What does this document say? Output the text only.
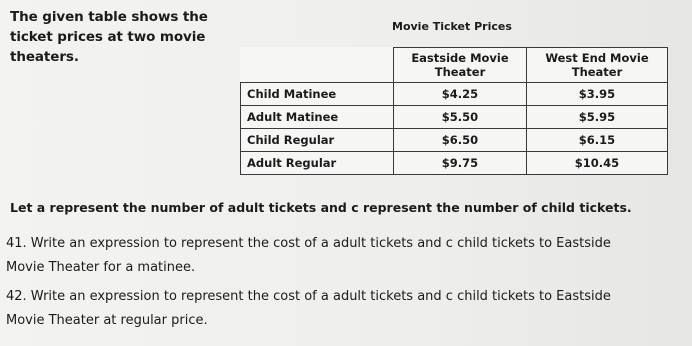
The given table shows the ticket prices at two movie theaters.
Movie Ticket Prices
	Eastside Movie Theater	West End Movie Theater
Child Matinee	$4.25	$3.95
Adult Matinee	$5.50	$5.95
Child Regular	$6.50	$6.15
Adult Regular	$9.75	$10.45
Let a represent the number of adult tickets and c represent the number of child tickets.
41. Write an expression to represent the cost of a adult tickets and c child tickets to Eastside Movie Theater for a matinee.
42. Write an expression to represent the cost of a adult tickets and c child tickets to Eastside Movie Theater at regular price.
